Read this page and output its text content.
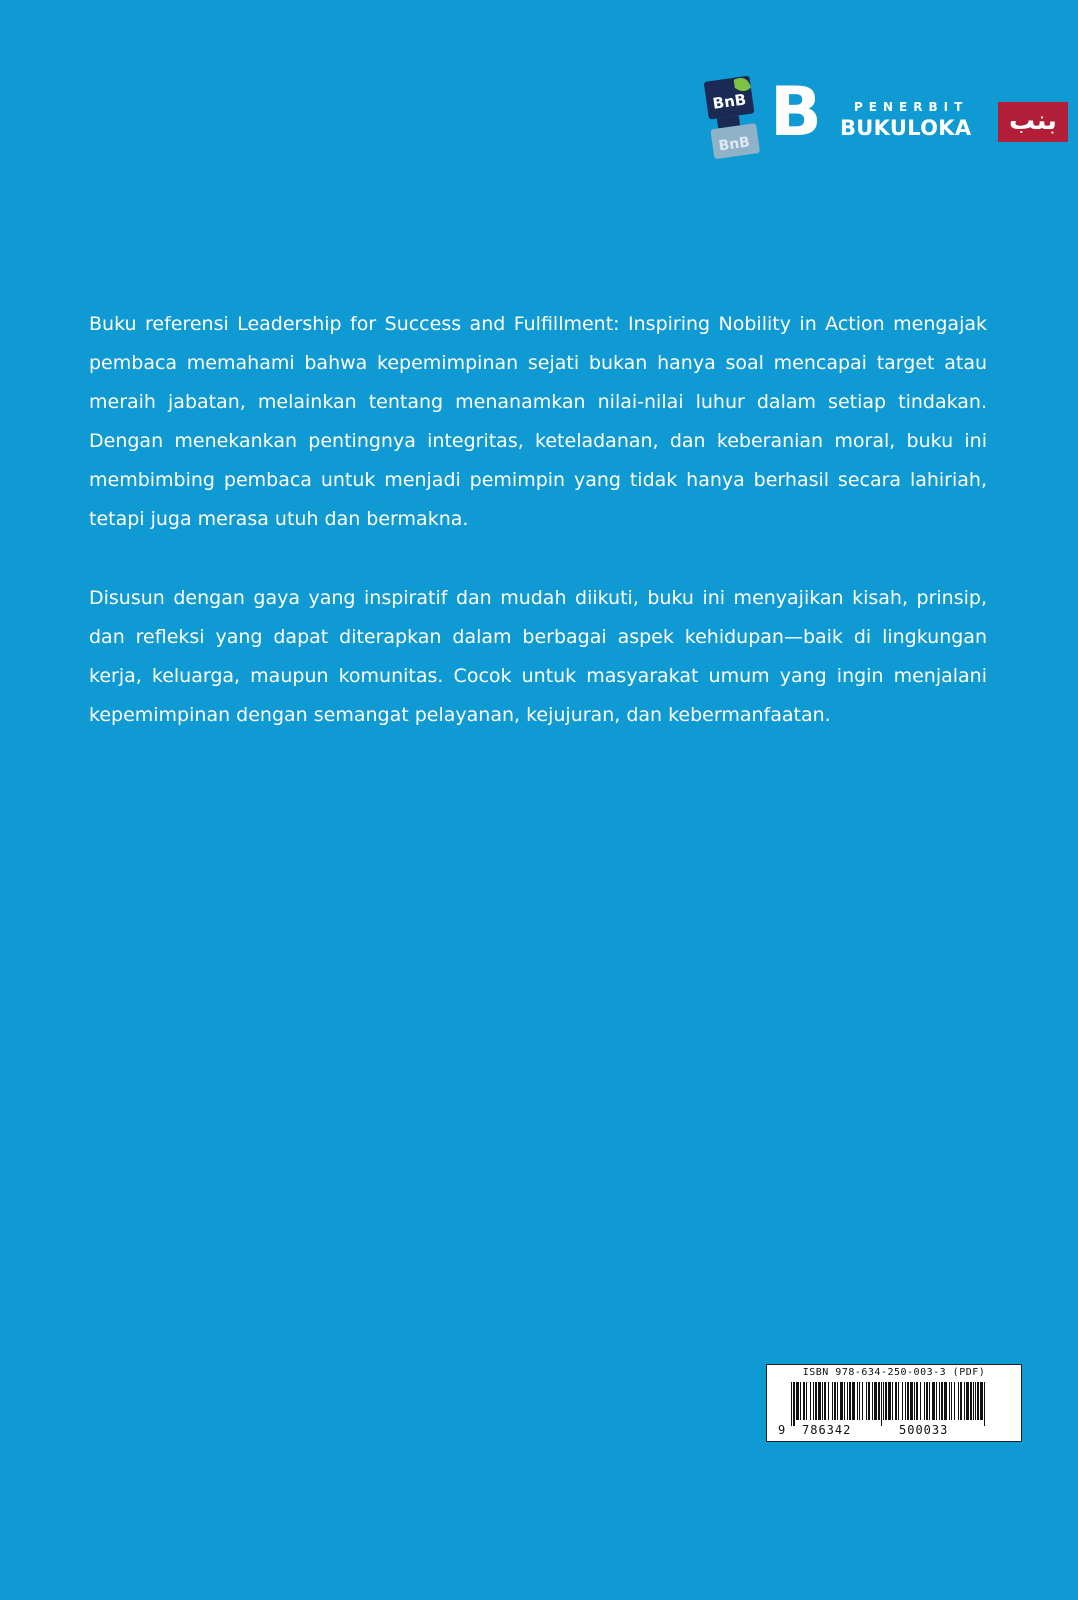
BnB
BnB B	PENERBIT
BUKULOKA	بنب

Buku referensi Leadership for Success and Fulfillment: Inspiring Nobility in Action mengajak pembaca memahami bahwa kepemimpinan sejati bukan hanya soal mencapai target atau meraih jabatan, melainkan tentang menanamkan nilai-nilai luhur dalam setiap tindakan. Dengan menekankan pentingnya integritas, keteladanan, dan keberanian moral, buku ini membimbing pembaca untuk menjadi pemimpin yang tidak hanya berhasil secara lahiriah, tetapi juga merasa utuh dan bermakna.

Disusun dengan gaya yang inspiratif dan mudah diikuti, buku ini menyajikan kisah, prinsip, dan refleksi yang dapat diterapkan dalam berbagai aspek kehidupan—baik di lingkungan kerja, keluarga, maupun komunitas. Cocok untuk masyarakat umum yang ingin menjalani kepemimpinan dengan semangat pelayanan, kejujuran, dan kebermanfaatan.

ISBN 978-634-250-003-3 (PDF)
9 786342	500033
